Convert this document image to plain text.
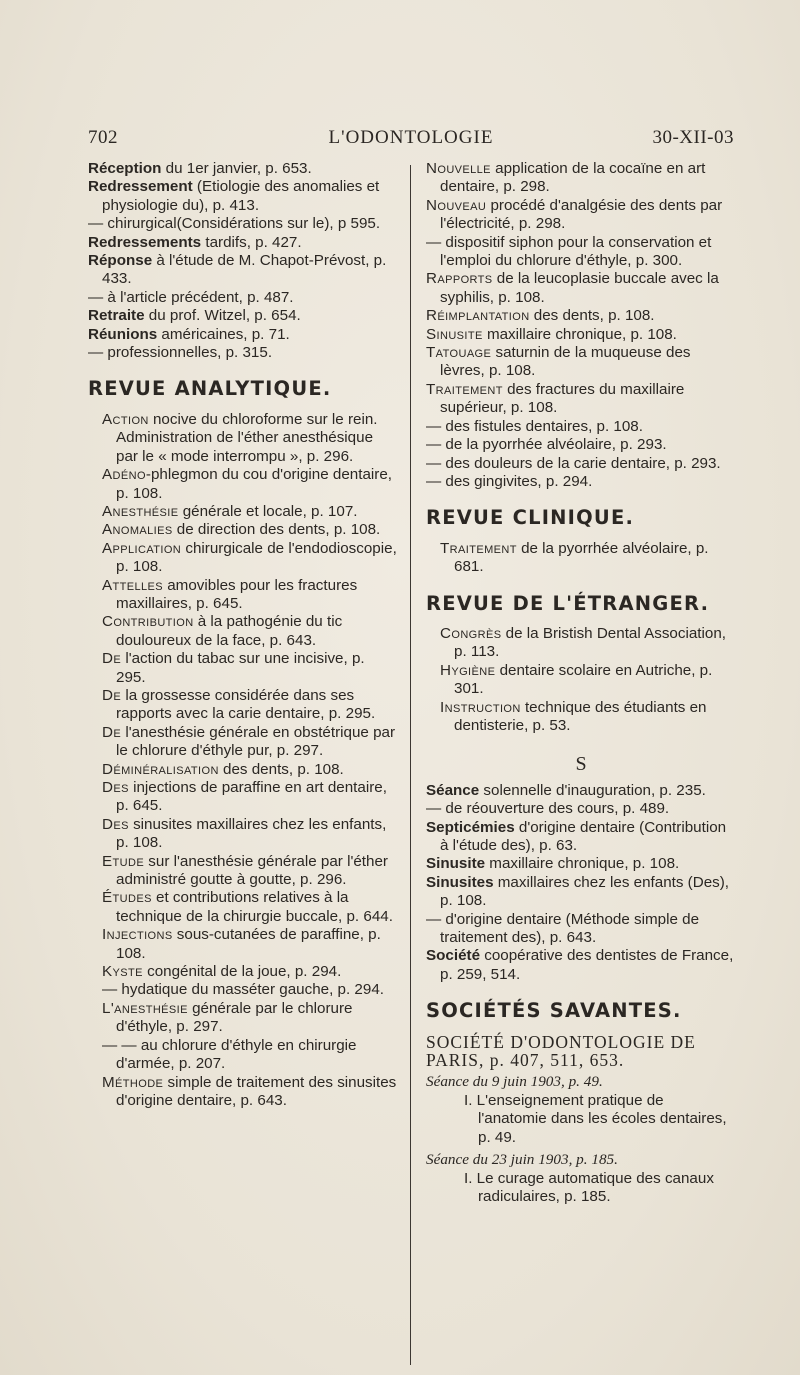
702	L'ODONTOLOGIE	30-XII-03

Réception du 1er janvier, p. 653.

Redressement (Etiologie des anomalies et physiologie du), p. 413.

— chirurgical(Considérations sur le), p 595.

Redressements tardifs, p. 427.

Réponse à l'étude de M. Chapot-Prévost, p. 433.

— à l'article précédent, p. 487.

Retraite du prof. Witzel, p. 654.

Réunions américaines, p. 71.

— professionnelles, p. 315.

REVUE ANALYTIQUE.

Action nocive du chloroforme sur le rein. Administration de l'éther anesthésique par le « mode interrompu », p. 296.

Adéno-phlegmon du cou d'origine dentaire, p. 108.

Anesthésie générale et locale, p. 107.

Anomalies de direction des dents, p. 108.

Application chirurgicale de l'endodioscopie, p. 108.

Attelles amovibles pour les fractures maxillaires, p. 645.

Contribution à la pathogénie du tic douloureux de la face, p. 643.

De l'action du tabac sur une incisive, p. 295.

De la grossesse considérée dans ses rapports avec la carie dentaire, p. 295.

De l'anesthésie générale en obstétrique par le chlorure d'éthyle pur, p. 297.

Déminéralisation des dents, p. 108.

Des injections de paraffine en art dentaire, p. 645.

Des sinusites maxillaires chez les enfants, p. 108.

Etude sur l'anesthésie générale par l'éther administré goutte à goutte, p. 296.

Études et contributions relatives à la technique de la chirurgie buccale, p. 644.

Injections sous-cutanées de paraffine, p. 108.

Kyste congénital de la joue, p. 294.

— hydatique du masséter gauche, p. 294.

L'anesthésie générale par le chlorure d'éthyle, p. 297.

— — au chlorure d'éthyle en chirurgie d'armée, p. 207.

Méthode simple de traitement des sinusites d'origine dentaire, p. 643.

Nouvelle application de la cocaïne en art dentaire, p. 298.

Nouveau procédé d'analgésie des dents par l'électricité, p. 298.

— dispositif siphon pour la conservation et l'emploi du chlorure d'éthyle, p. 300.

Rapports de la leucoplasie buccale avec la syphilis, p. 108.

Réimplantation des dents, p. 108.

Sinusite maxillaire chronique, p. 108.

Tatouage saturnin de la muqueuse des lèvres, p. 108.

Traitement des fractures du maxillaire supérieur, p. 108.

— des fistules dentaires, p. 108.

— de la pyorrhée alvéolaire, p. 293.

— des douleurs de la carie dentaire, p. 293.

— des gingivites, p. 294.

REVUE CLINIQUE.

Traitement de la pyorrhée alvéolaire, p. 681.

REVUE DE L'ÉTRANGER.

Congrès de la Bristish Dental Association, p. 113.

Hygiène dentaire scolaire en Autriche, p. 301.

Instruction technique des étudiants en dentisterie, p. 53.

S

Séance solennelle d'inauguration, p. 235.

— de réouverture des cours, p. 489.

Septicémies d'origine dentaire (Contribution à l'étude des), p. 63.

Sinusite maxillaire chronique, p. 108.

Sinusites maxillaires chez les enfants (Des), p. 108.

— d'origine dentaire (Méthode simple de traitement des), p. 643.

Société coopérative des dentistes de France, p. 259, 514.

SOCIÉTÉS SAVANTES.

SOCIÉTÉ D'ODONTOLOGIE DE PARIS, p. 407, 511, 653.

Séance du 9 juin 1903, p. 49.

I. L'enseignement pratique de l'anatomie dans les écoles dentaires, p. 49.

Séance du 23 juin 1903, p. 185.

I. Le curage automatique des canaux radiculaires, p. 185.
